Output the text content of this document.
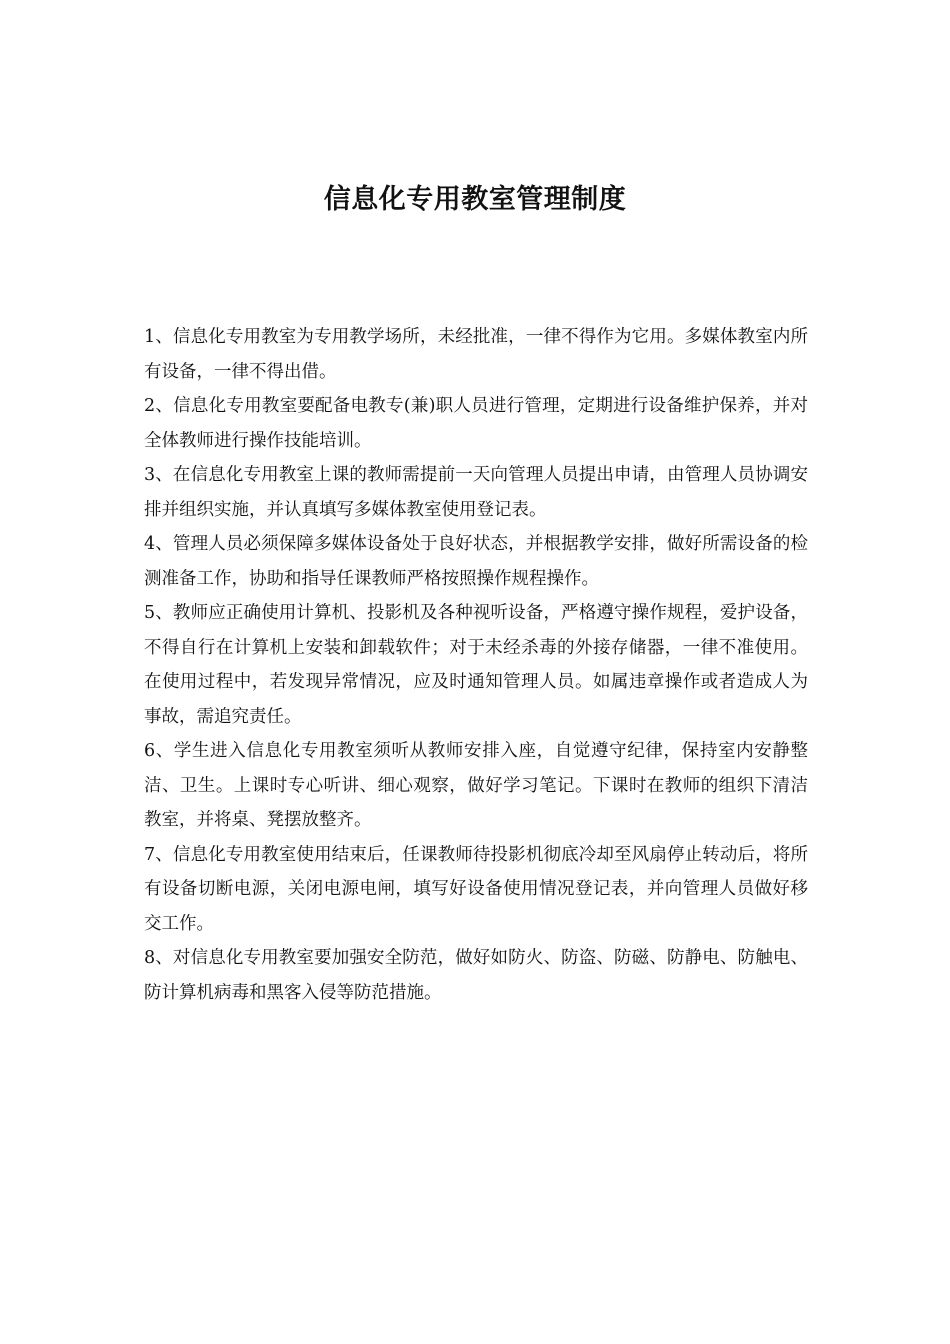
信息化专用教室管理制度

1、信息化专用教室为专用教学场所，未经批准，一律不得作为它用。多媒体教室内所有设备，一律不得出借。

2、信息化专用教室要配备电教专(兼)职人员进行管理，定期进行设备维护保养，并对全体教师进行操作技能培训。

3、在信息化专用教室上课的教师需提前一天向管理人员提出申请，由管理人员协调安排并组织实施，并认真填写多媒体教室使用登记表。

4、管理人员必须保障多媒体设备处于良好状态，并根据教学安排，做好所需设备的检测准备工作，协助和指导任课教师严格按照操作规程操作。

5、教师应正确使用计算机、投影机及各种视听设备，严格遵守操作规程，爱护设备，不得自行在计算机上安装和卸载软件；对于未经杀毒的外接存储器，一律不准使用。在使用过程中，若发现异常情况，应及时通知管理人员。如属违章操作或者造成人为事故，需追究责任。

6、学生进入信息化专用教室须听从教师安排入座，自觉遵守纪律，保持室内安静整洁、卫生。上课时专心听讲、细心观察，做好学习笔记。下课时在教师的组织下清洁教室，并将桌、凳摆放整齐。

7、信息化专用教室使用结束后，任课教师待投影机彻底冷却至风扇停止转动后，将所有设备切断电源，关闭电源电闸，填写好设备使用情况登记表，并向管理人员做好移交工作。

8、对信息化专用教室要加强安全防范，做好如防火、防盗、防磁、防静电、防触电、防计算机病毒和黑客入侵等防范措施。
